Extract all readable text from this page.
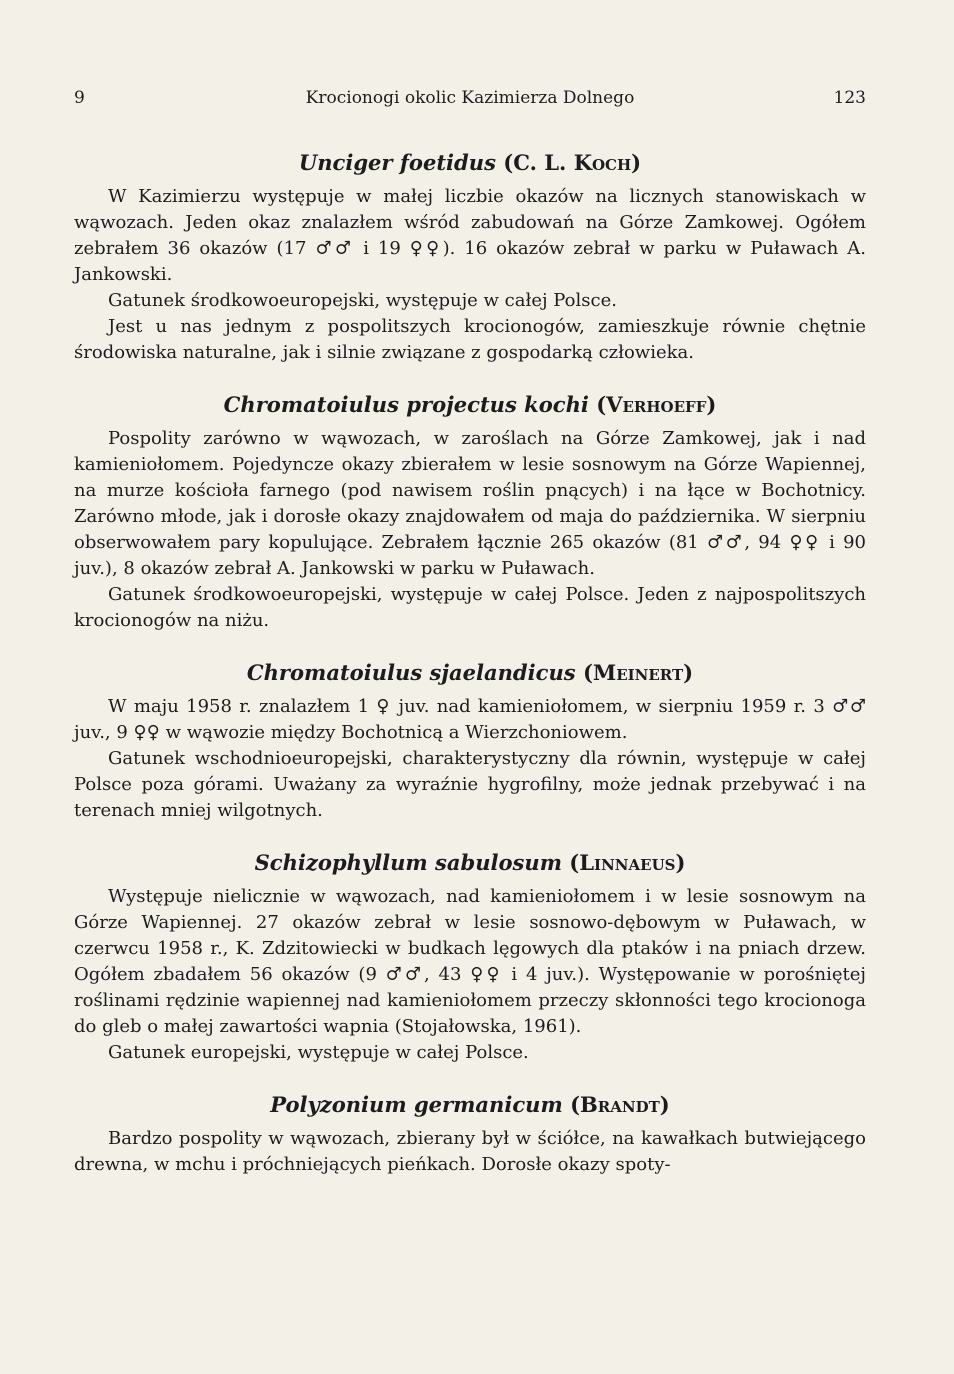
9	Krocionogi okolic Kazimierza Dolnego	123
Unciger foetidus (C. L. Koch)

W Kazimierzu występuje w małej liczbie okazów na licznych stanowiskach w wąwozach. Jeden okaz znalazłem wśród zabudowań na Górze Zamkowej. Ogółem zebrałem 36 okazów (17 ♂♂ i 19 ♀♀). 16 okazów zebrał w parku w Puławach A. Jankowski.

Gatunek środkowoeuropejski, występuje w całej Polsce.

Jest u nas jednym z pospolitszych krocionogów, zamieszkuje równie chętnie środowiska naturalne, jak i silnie związane z gospodarką człowieka.

Chromatoiulus projectus kochi (Verhoeff)

Pospolity zarówno w wąwozach, w zaroślach na Górze Zamkowej, jak i nad kamieniołomem. Pojedyncze okazy zbierałem w lesie sosnowym na Górze Wapiennej, na murze kościoła farnego (pod nawisem roślin pnących) i na łące w Bochotnicy. Zarówno młode, jak i dorosłe okazy znajdowałem od maja do października. W sierpniu obserwowałem pary kopulujące. Zebrałem łącznie 265 okazów (81 ♂♂, 94 ♀♀ i 90 juv.), 8 okazów zebrał A. Jankowski w parku w Puławach.

Gatunek środkowoeuropejski, występuje w całej Polsce. Jeden z najpospolitszych krocionogów na niżu.

Chromatoiulus sjaelandicus (Meinert)

W maju 1958 r. znalazłem 1 ♀ juv. nad kamieniołomem, w sierpniu 1959 r. 3 ♂♂ juv., 9 ♀♀ w wąwozie między Bochotnicą a Wierzchoniowem.

Gatunek wschodnioeuropejski, charakterystyczny dla równin, występuje w całej Polsce poza górami. Uważany za wyraźnie hygrofilny, może jednak przebywać i na terenach mniej wilgotnych.

Schizophyllum sabulosum (Linnaeus)

Występuje nielicznie w wąwozach, nad kamieniołomem i w lesie sosnowym na Górze Wapiennej. 27 okazów zebrał w lesie sosnowo-dębowym w Puławach, w czerwcu 1958 r., K. Zdzitowiecki w budkach lęgowych dla ptaków i na pniach drzew. Ogółem zbadałem 56 okazów (9 ♂♂, 43 ♀♀ i 4 juv.). Występowanie w porośniętej roślinami rędzinie wapiennej nad kamieniołomem przeczy skłonności tego krocionoga do gleb o małej zawartości wapnia (Stojałowska, 1961).

Gatunek europejski, występuje w całej Polsce.

Polyzonium germanicum (Brandt)

Bardzo pospolity w wąwozach, zbierany był w ściółce, na kawałkach butwiejącego drewna, w mchu i próchniejących pieńkach. Dorosłe okazy spoty-
